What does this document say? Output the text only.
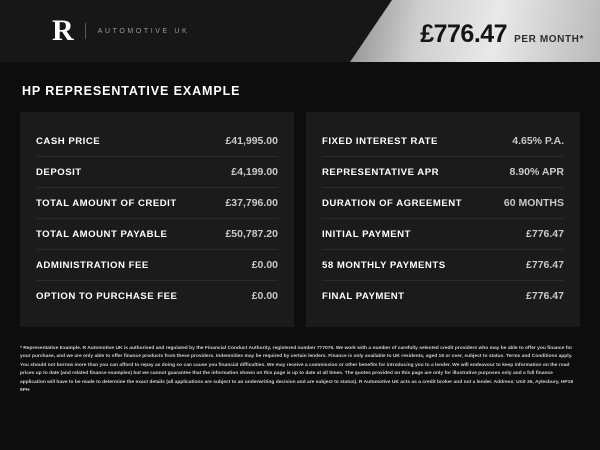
R	AUTOMOTIVE UK	£776.47 PER MONTH*
HP REPRESENTATIVE EXAMPLE
CASH PRICE	£41,995.00
DEPOSIT	£4,199.00
TOTAL AMOUNT OF CREDIT	£37,796.00
TOTAL AMOUNT PAYABLE	£50,787.20
ADMINISTRATION FEE	£0.00
OPTION TO PURCHASE FEE	£0.00
FIXED INTEREST RATE	4.65% P.A.
REPRESENTATIVE APR	8.90% APR
DURATION OF AGREEMENT	60 MONTHS
INITIAL PAYMENT	£776.47
58 MONTHLY PAYMENTS	£776.47
FINAL PAYMENT	£776.47
* Representative Example. R Automotive UK is authorised and regulated by the Financial Conduct Authority, registered number 777076. We work with a number of carefully selected credit providers who may be able to offer you finance for your purchase, and we are only able to offer finance products from these providers. Indemnities may be required by certain lenders. Finance is only available to UK residents, aged 18 or over, subject to status. Terms and Conditions apply. You should not borrow more than you can afford to repay as doing so can cause you financial difficulties. We may receive a commission or other benefits for introducing you to a lender. We will endeavour to keep information on the road prices up to date (and related finance examples) but we cannot guarantee that the information shown on this page is up to date at all times. The quotes provided on this page are only for illustrative purposes only and a full finance application will have to be made to determine the exact details (all applications are subject to an underwriting decision and are subject to status). R Automotive UK acts as a credit broker and not a lender. Address: Unit 36, Aylesbury, HP18 9PH
